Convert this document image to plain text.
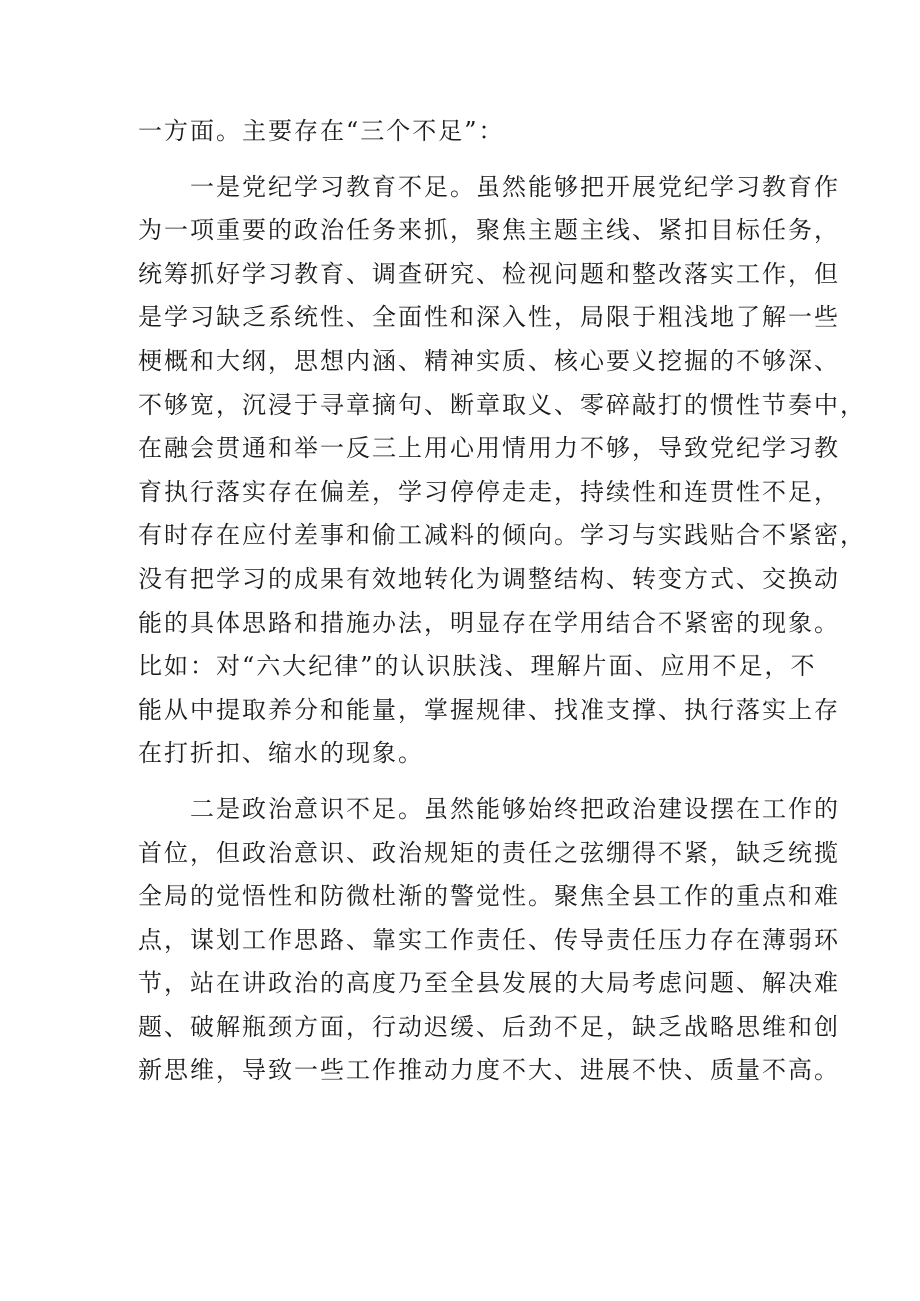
一方面。主要存在“三个不足”：
一是党纪学习教育不足。虽然能够把开展党纪学习教育作
为一项重要的政治任务来抓，聚焦主题主线、紧扣目标任务，
统筹抓好学习教育、调查研究、检视问题和整改落实工作，但
是学习缺乏系统性、全面性和深入性，局限于粗浅地了解一些
梗概和大纲，思想内涵、精神实质、核心要义挖掘的不够深、
不够宽，沉浸于寻章摘句、断章取义、零碎敲打的惯性节奏中，
在融会贯通和举一反三上用心用情用力不够，导致党纪学习教
育执行落实存在偏差，学习停停走走，持续性和连贯性不足，
有时存在应付差事和偷工减料的倾向。学习与实践贴合不紧密，
没有把学习的成果有效地转化为调整结构、转变方式、交换动
能的具体思路和措施办法，明显存在学用结合不紧密的现象。
比如：对“六大纪律”的认识肤浅、理解片面、应用不足，不
能从中提取养分和能量，掌握规律、找准支撑、执行落实上存
在打折扣、缩水的现象。
二是政治意识不足。虽然能够始终把政治建设摆在工作的
首位，但政治意识、政治规矩的责任之弦绷得不紧，缺乏统揽
全局的觉悟性和防微杜渐的警觉性。聚焦全县工作的重点和难
点，谋划工作思路、靠实工作责任、传导责任压力存在薄弱环
节，站在讲政治的高度乃至全县发展的大局考虑问题、解决难
题、破解瓶颈方面，行动迟缓、后劲不足，缺乏战略思维和创
新思维，导致一些工作推动力度不大、进展不快、质量不高。
